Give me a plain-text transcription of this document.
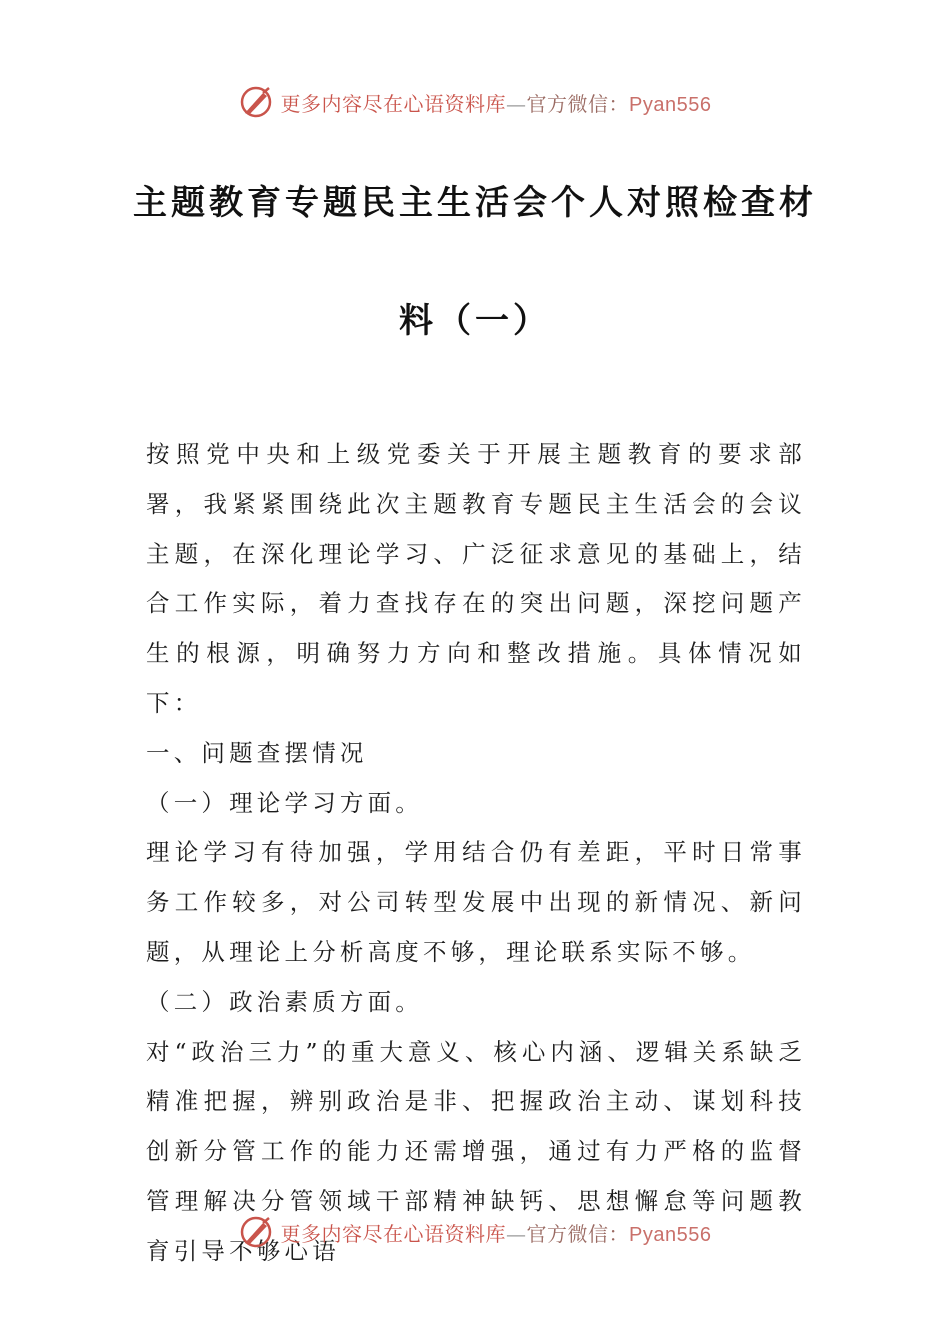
更多内容尽在心语资料库—官方微信：Pyan556
主题教育专题民主生活会个人对照检查材
料（一）

按照党中央和上级党委关于开展主题教育的要求部署，我紧紧围绕此次主题教育专题民主生活会的会议主题，在深化理论学习、广泛征求意见的基础上，结合工作实际，着力查找存在的突出问题，深挖问题产生的根源，明确努力方向和整改措施。具体情况如下：

一、问题查摆情况

（一）理论学习方面。

理论学习有待加强，学用结合仍有差距，平时日常事务工作较多，对公司转型发展中出现的新情况、新问题，从理论上分析高度不够，理论联系实际不够。

（二）政治素质方面。

对“政治三力”的重大意义、核心内涵、逻辑关系缺乏精准把握，辨别政治是非、把握政治主动、谋划科技创新分管工作的能力还需增强，通过有力严格的监督管理解决分管领域干部精神缺钙、思想懈怠等问题教育引导不够心语

更多内容尽在心语资料库—官方微信：Pyan556
